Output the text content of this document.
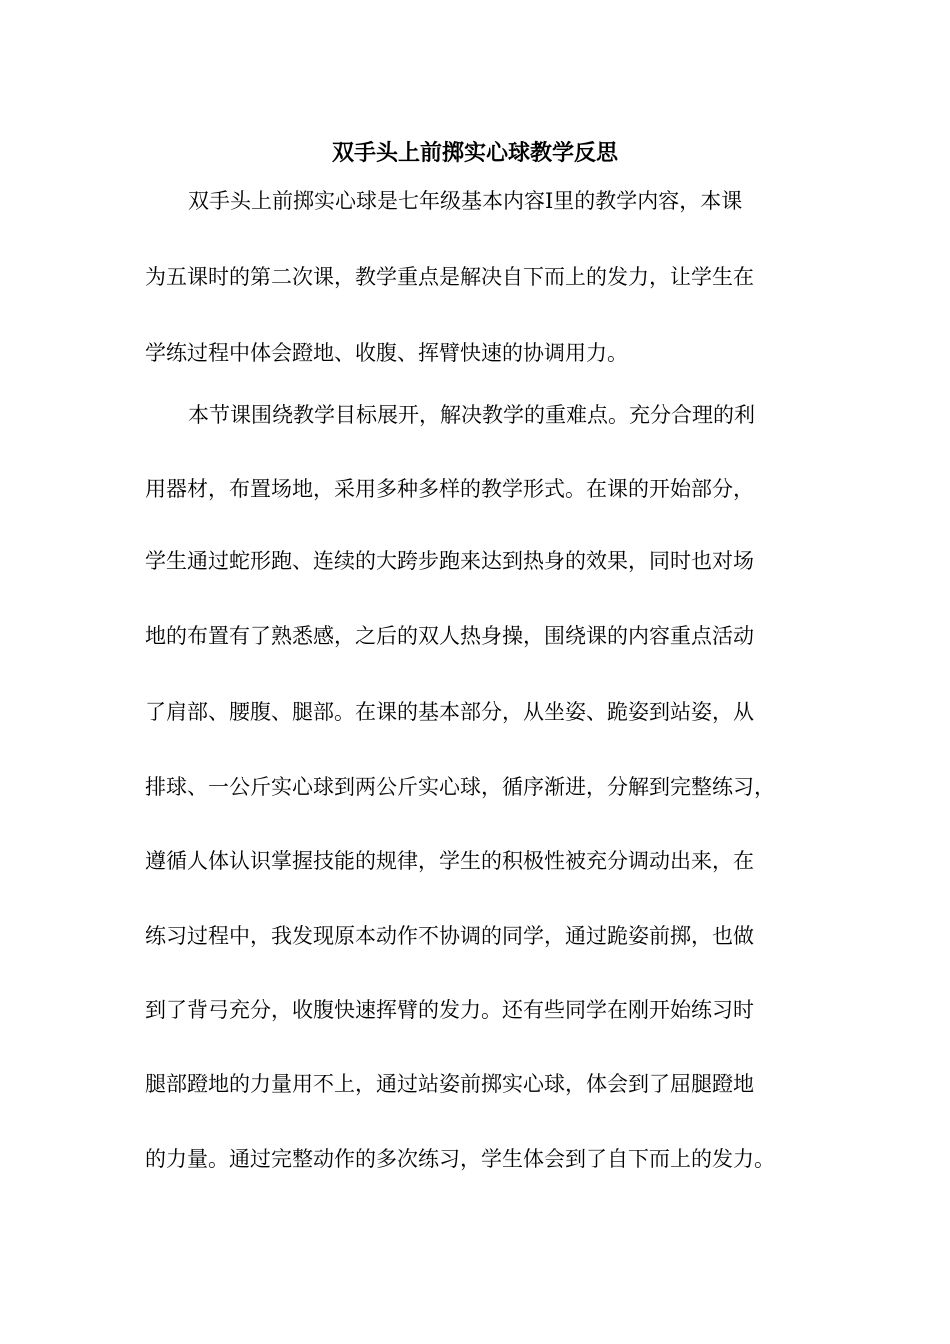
双手头上前掷实心球教学反思

双手头上前掷实心球是七年级基本内容Ⅰ里的教学内容，本课

为五课时的第二次课，教学重点是解决自下而上的发力，让学生在

学练过程中体会蹬地、收腹、挥臂快速的协调用力。

本节课围绕教学目标展开，解决教学的重难点。充分合理的利

用器材，布置场地，采用多种多样的教学形式。在课的开始部分，

学生通过蛇形跑、连续的大跨步跑来达到热身的效果，同时也对场

地的布置有了熟悉感，之后的双人热身操，围绕课的内容重点活动

了肩部、腰腹、腿部。在课的基本部分，从坐姿、跪姿到站姿，从

排球、一公斤实心球到两公斤实心球，循序渐进，分解到完整练习，

遵循人体认识掌握技能的规律，学生的积极性被充分调动出来，在

练习过程中，我发现原本动作不协调的同学，通过跪姿前掷，也做

到了背弓充分，收腹快速挥臂的发力。还有些同学在刚开始练习时

腿部蹬地的力量用不上，通过站姿前掷实心球，体会到了屈腿蹬地

的力量。通过完整动作的多次练习，学生体会到了自下而上的发力。
